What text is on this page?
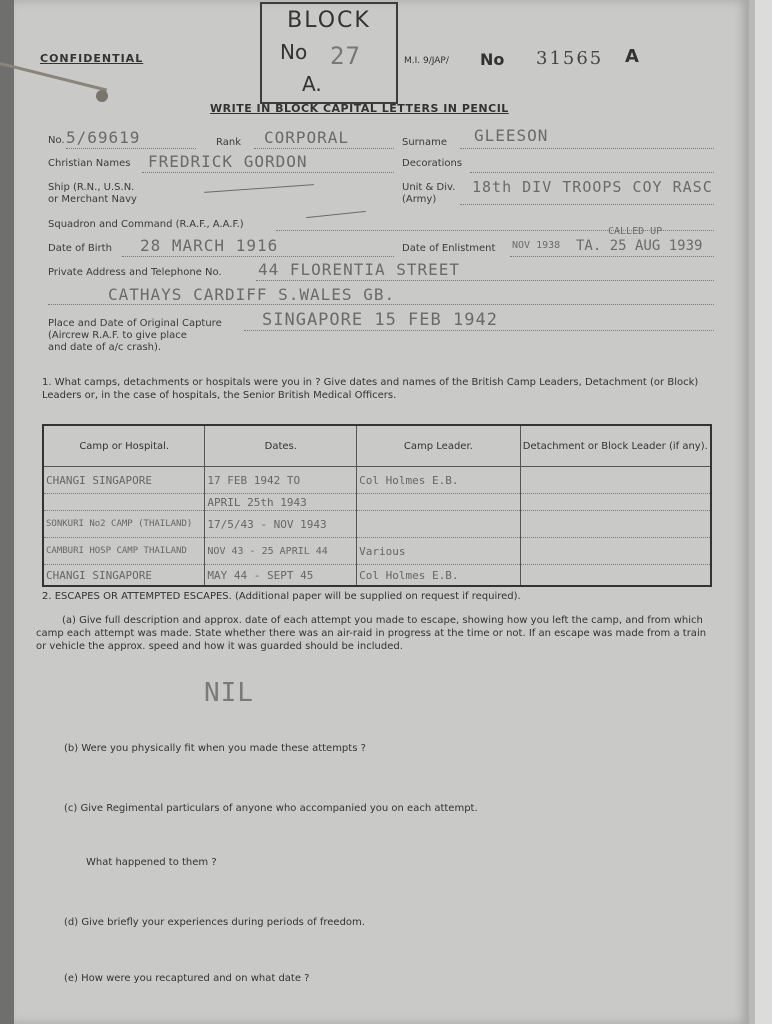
CONFIDENTIAL
BLOCK
No 27
A.
M.I. 9/JAP/ No 31565 A
WRITE IN BLOCK CAPITAL LETTERS IN PENCIL
No. 5/69619	Rank CORPORAL	Surname GLEESON
Christian Names FREDRICK GORDON	Decorations
Ship (R.N., U.S.N.
or Merchant Navy
Unit & Div.
(Army)
18th DIV TROOPS COY RASC
Squadron and Command (R.A.F., A.A.F.)
Date of Birth 28 MARCH 1916	Date of Enlistment NOV 1938 TA. 25 AUG 1939
CALLED UP
Private Address and Telephone No. 44 FLORENTIA STREET
CATHAYS CARDIFF S.WALES GB.
Place and Date of Original Capture
(Aircrew R.A.F. to give place
and date of a/c crash).
SINGAPORE 15 FEB 1942
1. What camps, detachments or hospitals were you in ? Give dates and names of the British Camp Leaders, Detachment (or Block) Leaders or, in the case of hospitals, the Senior British Medical Officers.
Camp or Hospital.	Dates.	Camp Leader.	Detachment or Block Leader (if any).
CHANGI SINGAPORE	17 FEB 1942 TO	Col Holmes E.B.	
	APRIL 25th 1943		
SONKURI No2 CAMP (THAILAND)	17/5/43 - NOV 1943		
CAMBURI HOSP CAMP THAILAND	NOV 43 - 25 APRIL 44	Various	
CHANGI SINGAPORE	MAY 44 - SEPT 45	Col Holmes E.B.	
2. ESCAPES OR ATTEMPTED ESCAPES. (Additional paper will be supplied on request if required).
(a) Give full description and approx. date of each attempt you made to escape, showing how you left the camp, and from which camp each attempt was made. State whether there was an air-raid in progress at the time or not. If an escape was made from a train or vehicle the approx. speed and how it was guarded should be included.
NIL
(b) Were you physically fit when you made these attempts ?
(c) Give Regimental particulars of anyone who accompanied you on each attempt.
What happened to them ?
(d) Give briefly your experiences during periods of freedom.
(e) How were you recaptured and on what date ?
